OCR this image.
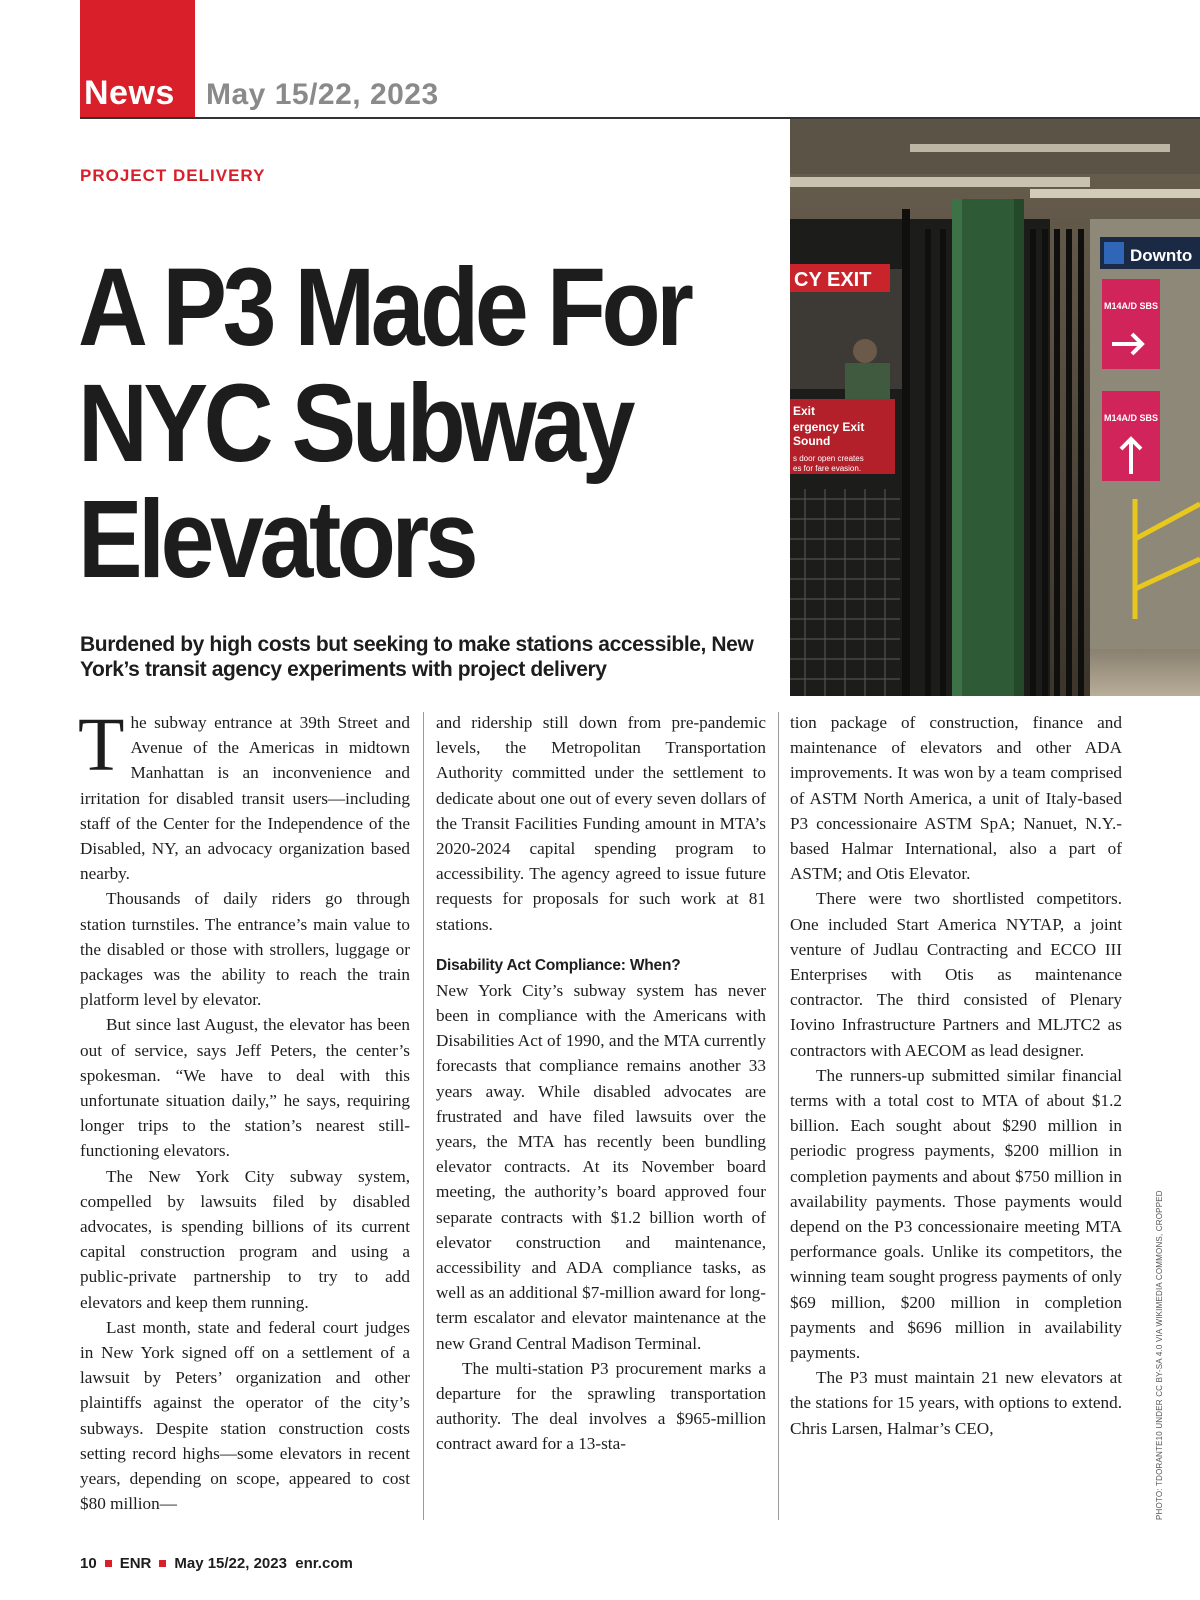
News May 15/22, 2023
PROJECT DELIVERY
A P3 Made For
NYC Subway
Elevators
Burdened by high costs but seeking to make stations accessible, New York’s transit agency experiments with project delivery
CY EXIT
Exit
ergency Exit
Sound
s door open creates
es for fare evasion.
Downto
M14A/D SBS
M14A/D SBS
PHOTO: TDORANTE10 UNDER CC BY-SA 4.0 VIA WIKIMEDIA COMMONS, CROPPED

The subway entrance at 39th Street and Avenue of the Americas in midtown Manhattan is an inconvenience and irritation for disabled transit users—including staff of the Center for the Independence of the Disabled, NY, an advocacy organization based nearby.

Thousands of daily riders go through station turnstiles. The entrance’s main value to the disabled or those with strollers, luggage or packages was the ability to reach the train platform level by elevator.

But since last August, the elevator has been out of service, says Jeff Peters, the center’s spokesman. “We have to deal with this unfortunate situation daily,” he says, requiring longer trips to the station’s nearest still-functioning elevators.

The New York City subway system, compelled by lawsuits filed by disabled advocates, is spending billions of its current capital construction program and using a public-private partnership to try to add elevators and keep them running.

Last month, state and federal court judges in New York signed off on a settlement of a lawsuit by Peters’ organization and other plaintiffs against the operator of the city’s subways. Despite station construction costs setting record highs—some elevators in recent years, depending on scope, appeared to cost $80 million—

and ridership still down from pre-pandemic levels, the Metropolitan Transportation Authority committed under the settlement to dedicate about one out of every seven dollars of the Transit Facilities Funding amount in MTA’s 2020-2024 capital spending program to accessibility. The agency agreed to issue future requests for proposals for such work at 81 stations.

Disability Act Compliance: When?

New York City’s subway system has never been in compliance with the Americans with Disabilities Act of 1990, and the MTA currently forecasts that compliance remains another 33 years away. While disabled advocates are frustrated and have filed lawsuits over the years, the MTA has recently been bundling elevator contracts. At its November board meeting, the authority’s board approved four separate contracts with $1.2 billion worth of elevator construction and maintenance, accessibility and ADA compliance tasks, as well as an additional $7-million award for long-term escalator and elevator maintenance at the new Grand Central Madison Terminal.

The multi-station P3 procurement marks a departure for the sprawling transportation authority. The deal involves a $965-million contract award for a 13-sta-

tion package of construction, finance and maintenance of elevators and other ADA improvements. It was won by a team comprised of ASTM North America, a unit of Italy-based P3 concessionaire ASTM SpA; Nanuet, N.Y.-based Halmar International, also a part of ASTM; and Otis Elevator.

There were two shortlisted competitors. One included Start America NYTAP, a joint venture of Judlau Contracting and ECCO III Enterprises with Otis as maintenance contractor. The third consisted of Plenary Iovino Infrastructure Partners and MLJTC2 as contractors with AECOM as lead designer.

The runners-up submitted similar financial terms with a total cost to MTA of about $1.2 billion. Each sought about $290 million in periodic progress payments, $200 million in completion payments and about $750 million in availability payments. Those payments would depend on the P3 concessionaire meeting MTA performance goals. Unlike its competitors, the winning team sought progress payments of only $69 million, $200 million in completion payments and $696 million in availability payments.

The P3 must maintain 21 new elevators at the stations for 15 years, with options to extend. Chris Larsen, Halmar’s CEO,

10 ENR May 15/22, 2023 enr.com
